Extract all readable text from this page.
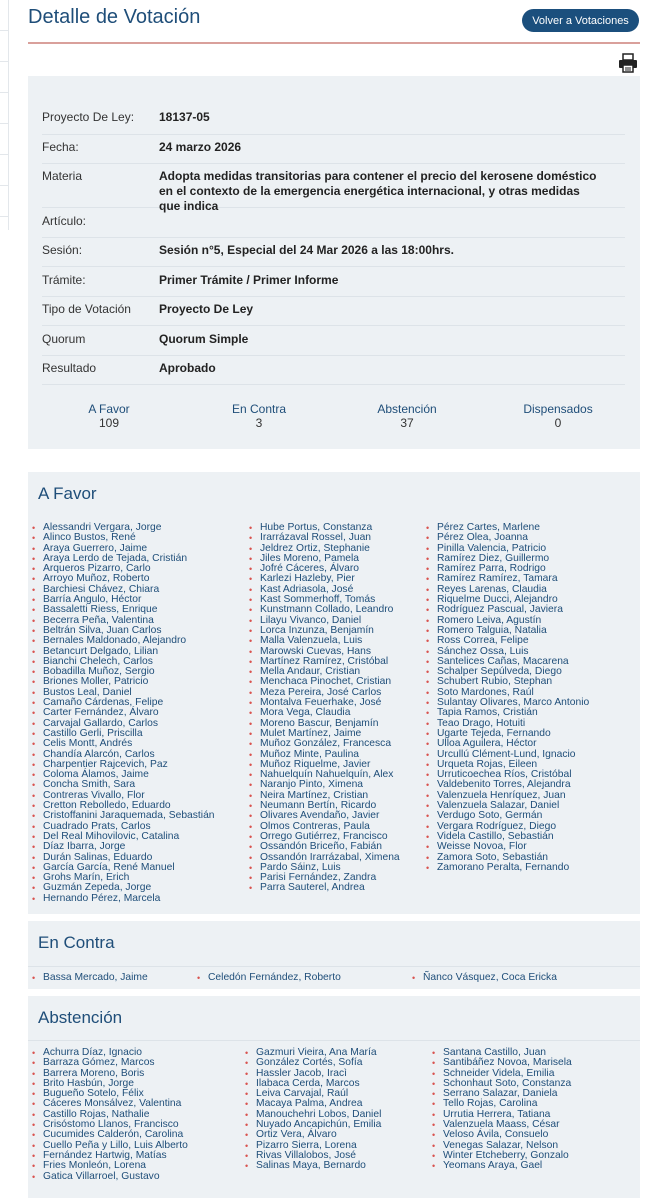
Detalle de Votación	Volver a Votaciones
Proyecto De Ley:	18137-05
Fecha:	24 marzo 2026
Materia	Adopta medidas transitorias para contener el precio del kerosene doméstico en el contexto de la emergencia energética internacional, y otras medidas que indica
Artículo:
Sesión:	Sesión n°5, Especial del 24 Mar 2026 a las 18:00hrs.
Trámite:	Primer Trámite / Primer Informe
Tipo de Votación	Proyecto De Ley
Quorum	Quorum Simple
Resultado	Aprobado
A Favor
109
En Contra
3
Abstención
37
Dispensados
0
A Favor
• Alessandri Vergara, Jorge
• Alinco Bustos, René
• Araya Guerrero, Jaime
• Araya Lerdo de Tejada, Cristián
• Arqueros Pizarro, Carlo
• Arroyo Muñoz, Roberto
• Barchiesi Chávez, Chiara
• Barría Angulo, Héctor
• Bassaletti Riess, Enrique
• Becerra Peña, Valentina
• Beltrán Silva, Juan Carlos
• Bernales Maldonado, Alejandro
• Betancurt Delgado, Lilian
• Bianchi Chelech, Carlos
• Bobadilla Muñoz, Sergio
• Briones Moller, Patricio
• Bustos Leal, Daniel
• Camaño Cárdenas, Felipe
• Carter Fernández, Álvaro
• Carvajal Gallardo, Carlos
• Castillo Gerli, Priscilla
• Celis Montt, Andrés
• Chandía Alarcón, Carlos
• Charpentier Rajcevich, Paz
• Coloma Álamos, Jaime
• Concha Smith, Sara
• Contreras Vivallo, Flor
• Cretton Rebolledo, Eduardo
• Cristoffanini Jaraquemada, Sebastián
• Cuadrado Prats, Carlos
• Del Real Mihovilovic, Catalina
• Díaz Ibarra, Jorge
• Durán Salinas, Eduardo
• García García, René Manuel
• Grohs Marín, Erich
• Guzmán Zepeda, Jorge
• Hernando Pérez, Marcela
• Hube Portus, Constanza
• Irarrázaval Rossel, Juan
• Jeldrez Ortiz, Stephanie
• Jiles Moreno, Pamela
• Jofré Cáceres, Álvaro
• Karlezi Hazleby, Pier
• Kast Adriasola, José
• Kast Sommerhoff, Tomás
• Kunstmann Collado, Leandro
• Lilayu Vivanco, Daniel
• Lorca Inzunza, Benjamín
• Malla Valenzuela, Luis
• Marowski Cuevas, Hans
• Martínez Ramírez, Cristóbal
• Mella Andaur, Cristian
• Menchaca Pinochet, Cristian
• Meza Pereira, José Carlos
• Montalva Feuerhake, José
• Mora Vega, Claudia
• Moreno Bascur, Benjamín
• Mulet Martínez, Jaime
• Muñoz González, Francesca
• Muñoz Minte, Paulina
• Muñoz Riquelme, Javier
• Nahuelquín Nahuelquín, Alex
• Naranjo Pinto, Ximena
• Neira Martínez, Cristian
• Neumann Bertín, Ricardo
• Olivares Avendaño, Javier
• Olmos Contreras, Paula
• Orrego Gutiérrez, Francisco
• Ossandón Briceño, Fabián
• Ossandón Irarrázabal, Ximena
• Pardo Sáinz, Luis
• Parisi Fernández, Zandra
• Parra Sauterel, Andrea
• Pérez Cartes, Marlene
• Pérez Olea, Joanna
• Pinilla Valencia, Patricio
• Ramírez Diez, Guillermo
• Ramírez Parra, Rodrigo
• Ramírez Ramírez, Tamara
• Reyes Larenas, Claudia
• Riquelme Ducci, Alejandro
• Rodríguez Pascual, Javiera
• Romero Leiva, Agustín
• Romero Talguia, Natalia
• Ross Correa, Felipe
• Sánchez Ossa, Luis
• Santelices Cañas, Macarena
• Schalper Sepúlveda, Diego
• Schubert Rubio, Stephan
• Soto Mardones, Raúl
• Sulantay Olivares, Marco Antonio
• Tapia Ramos, Cristián
• Teao Drago, Hotuiti
• Ugarte Tejeda, Fernando
• Ulloa Aguilera, Héctor
• Urcullú Clément-Lund, Ignacio
• Urqueta Rojas, Eileen
• Urruticoechea Ríos, Cristóbal
• Valdebenito Torres, Alejandra
• Valenzuela Henríquez, Juan
• Valenzuela Salazar, Daniel
• Verdugo Soto, Germán
• Vergara Rodríguez, Diego
• Videla Castillo, Sebastián
• Weisse Novoa, Flor
• Zamora Soto, Sebastián
• Zamorano Peralta, Fernando
En Contra
• Bassa Mercado, Jaime	• Celedón Fernández, Roberto	• Ñanco Vásquez, Coca Ericka
Abstención
• Achurra Díaz, Ignacio
• Barraza Gómez, Marcos
• Barrera Moreno, Boris
• Brito Hasbún, Jorge
• Bugueño Sotelo, Félix
• Cáceres Monsálvez, Valentina
• Castillo Rojas, Nathalie
• Crisóstomo Llanos, Francisco
• Cucumides Calderón, Carolina
• Cuello Peña y Lillo, Luis Alberto
• Fernández Hartwig, Matías
• Fries Monleón, Lorena
• Gatica Villarroel, Gustavo
• Gazmuri Vieira, Ana María
• González Cortés, Sofía
• Hassler Jacob, Iracì
• Ilabaca Cerda, Marcos
• Leiva Carvajal, Raúl
• Macaya Palma, Andrea
• Manouchehri Lobos, Daniel
• Nuyado Ancapichún, Emilia
• Ortiz Vera, Álvaro
• Pizarro Sierra, Lorena
• Rivas Villalobos, José
• Salinas Maya, Bernardo
• Santana Castillo, Juan
• Santibáñez Novoa, Marisela
• Schneider Videla, Emilia
• Schonhaut Soto, Constanza
• Serrano Salazar, Daniela
• Tello Rojas, Carolina
• Urrutia Herrera, Tatiana
• Valenzuela Maass, César
• Veloso Ávila, Consuelo
• Venegas Salazar, Nelson
• Winter Etcheberry, Gonzalo
• Yeomans Araya, Gael
